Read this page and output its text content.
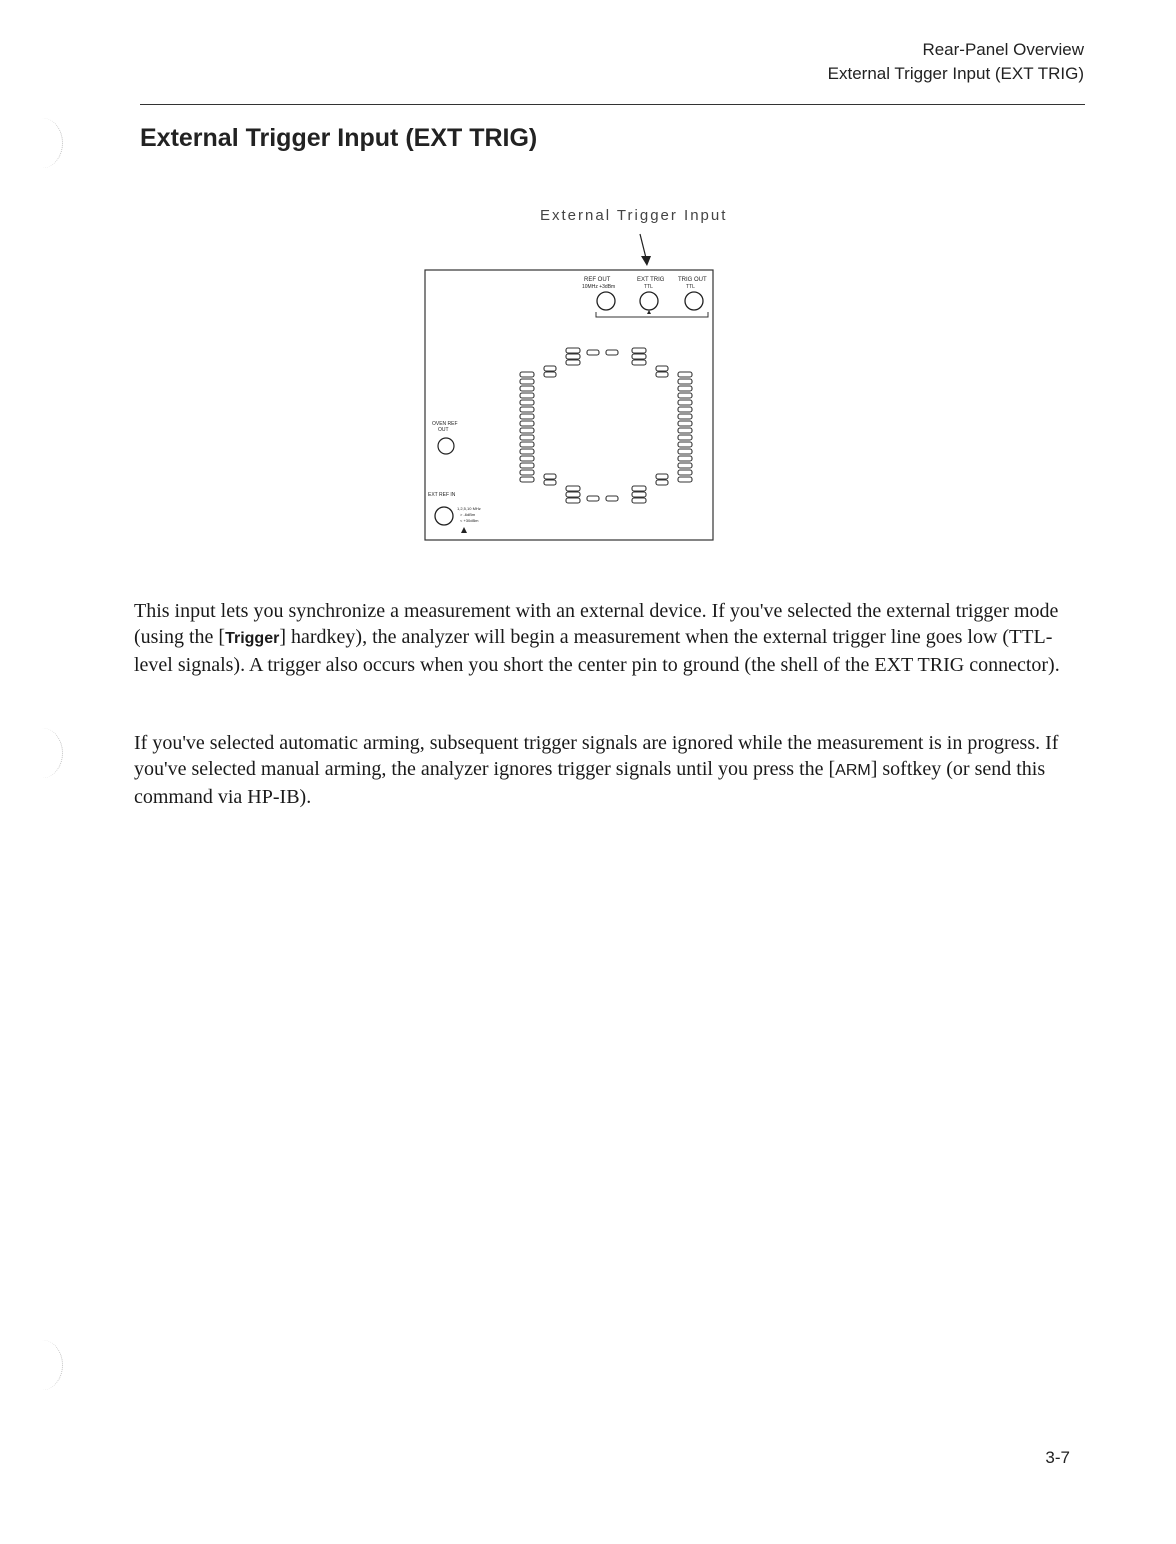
Rear-Panel Overview
External Trigger Input (EXT TRIG)
External Trigger Input (EXT TRIG)
External Trigger Input
REF OUT
10MHz +3dBm
EXT TRIG
TTL
TRIG OUT
TTL
OVEN REF
OUT
EXT REF IN
1,2,5,10 MHz
> -6dBm
< +30dBm

This input lets you synchronize a measurement with an external device. If you've selected the external trigger mode (using the [Trigger] hardkey), the analyzer will begin a measurement when the external trigger line goes low (TTL-level signals). A trigger also occurs when you short the center pin to ground (the shell of the EXT TRIG connector).

If you've selected automatic arming, subsequent trigger signals are ignored while the measurement is in progress. If you've selected manual arming, the analyzer ignores trigger signals until you press the [ARM] softkey (or send this command via HP-IB).

3-7
